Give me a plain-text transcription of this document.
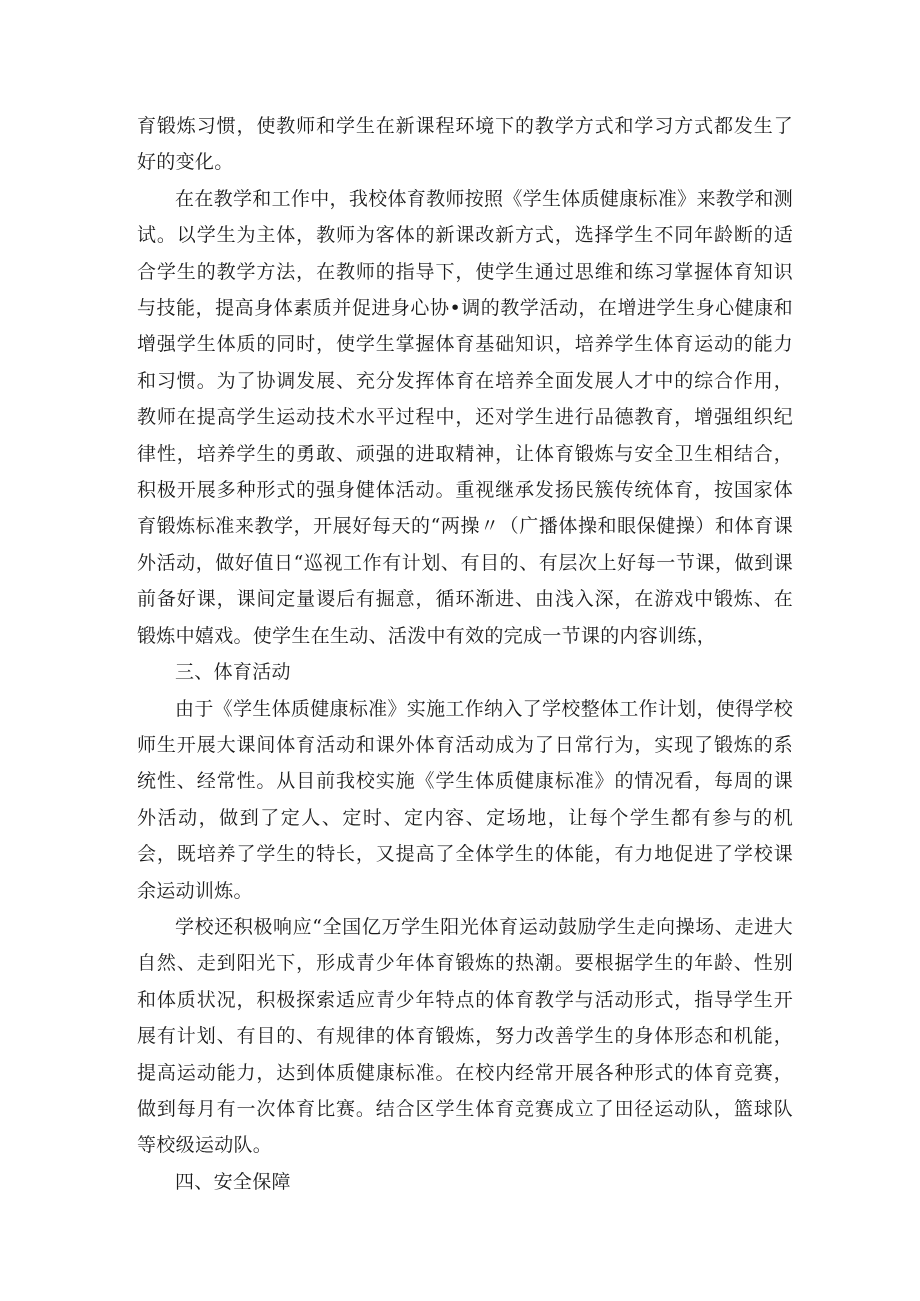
育锻炼习惯，使教师和学生在新课程环境下的教学方式和学习方式都发生了好的变化。

在在教学和工作中，我校体育教师按照《学生体质健康标准》来教学和测试。以学生为主体，教师为客体的新课改新方式，选择学生不同年龄断的适合学生的教学方法，在教师的指导下，使学生通过思维和练习掌握体育知识与技能，提高身体素质并促进身心协•调的教学活动，在增进学生身心健康和增强学生体质的同时，使学生掌握体育基础知识，培养学生体育运动的能力和习惯。为了协调发展、充分发挥体育在培养全面发展人才中的综合作用，教师在提高学生运动技术水平过程中，还对学生进行品德教育，增强组织纪律性，培养学生的勇敢、顽强的进取精神，让体育锻炼与安全卫生相结合，积极开展多种形式的强身健体活动。重视继承发扬民簇传统体育，按国家体育锻炼标准来教学，开展好每天的“两操〃（广播体操和眼保健操）和体育课外活动，做好值日“巡视工作有计划、有目的、有层次上好每一节课，做到课前备好课，课间定量谡后有掘意，循环渐进、由浅入深，在游戏中锻炼、在锻炼中嬉戏。使学生在生动、活泼中有效的完成一节课的内容训练，

三、体育活动

由于《学生体质健康标准》实施工作纳入了学校整体工作计划，使得学校师生开展大课间体育活动和课外体育活动成为了日常行为，实现了锻炼的系统性、经常性。从目前我校实施《学生体质健康标准》的情况看，每周的课外活动，做到了定人、定时、定内容、定场地，让每个学生都有参与的机会，既培养了学生的特长，又提高了全体学生的体能，有力地促进了学校课余运动训炼。

学校还积极响应“全国亿万学生阳光体育运动鼓励学生走向操场、走进大自然、走到阳光下，形成青少年体育锻炼的热潮。要根据学生的年龄、性别和体质状况，积极探索适应青少年特点的体育教学与活动形式，指导学生开展有计划、有目的、有规律的体育锻炼，努力改善学生的身体形态和机能，提高运动能力，达到体质健康标准。在校内经常开展各种形式的体育竞赛，做到每月有一次体育比赛。结合区学生体育竞赛成立了田径运动队，篮球队等校级运动队。

四、安全保障
